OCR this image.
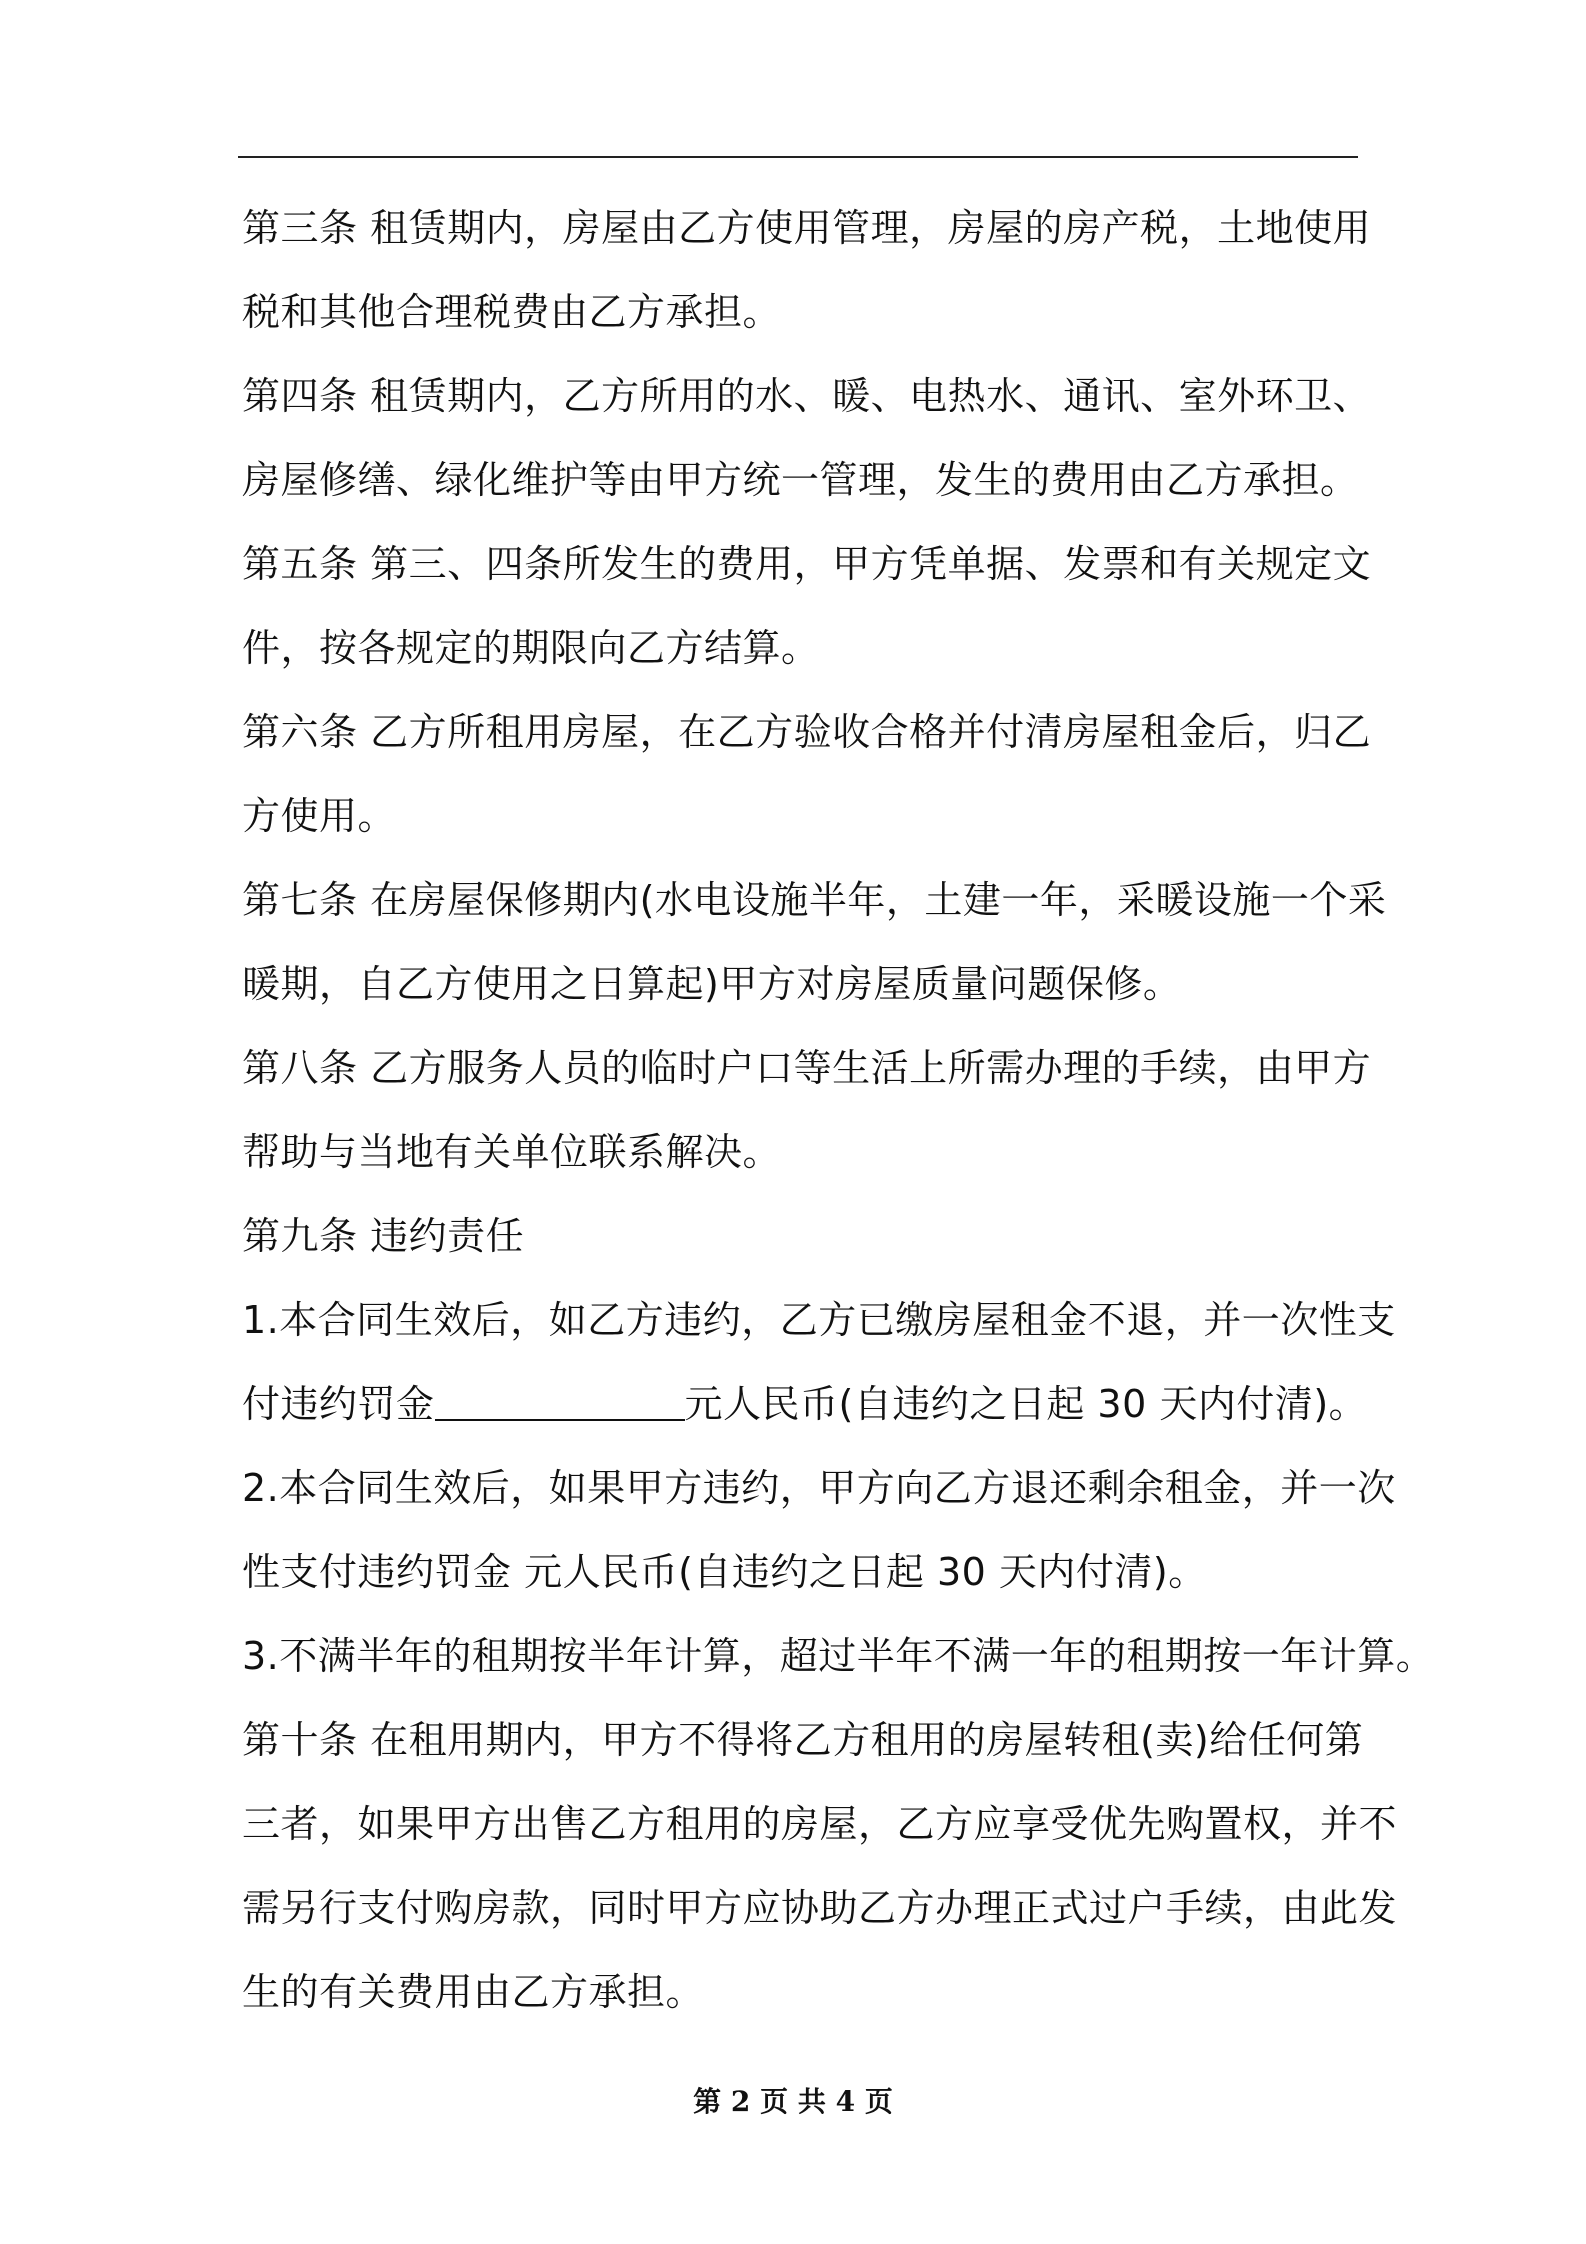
第三条 租赁期内，房屋由乙方使用管理，房屋的房产税，土地使用
税和其他合理税费由乙方承担。
第四条 租赁期内，乙方所用的水、暖、电热水、通讯、室外环卫、
房屋修缮、绿化维护等由甲方统一管理，发生的费用由乙方承担。
第五条 第三、四条所发生的费用，甲方凭单据、发票和有关规定文
件，按各规定的期限向乙方结算。
第六条 乙方所租用房屋，在乙方验收合格并付清房屋租金后，归乙
方使用。
第七条 在房屋保修期内(水电设施半年，土建一年，采暖设施一个采
暖期，自乙方使用之日算起)甲方对房屋质量问题保修。
第八条 乙方服务人员的临时户口等生活上所需办理的手续，由甲方
帮助与当地有关单位联系解决。
第九条 违约责任
1.本合同生效后，如乙方违约，乙方已缴房屋租金不退，并一次性支
付违约罚金	元人民币(自违约之日起 30 天内付清)。
2.本合同生效后，如果甲方违约，甲方向乙方退还剩余租金，并一次
性支付违约罚金 元人民币(自违约之日起 30 天内付清)。
3.不满半年的租期按半年计算，超过半年不满一年的租期按一年计算。
第十条 在租用期内，甲方不得将乙方租用的房屋转租(卖)给任何第
三者，如果甲方出售乙方租用的房屋，乙方应享受优先购置权，并不
需另行支付购房款，同时甲方应协助乙方办理正式过户手续，由此发
生的有关费用由乙方承担。
第 2 页 共 4 页
